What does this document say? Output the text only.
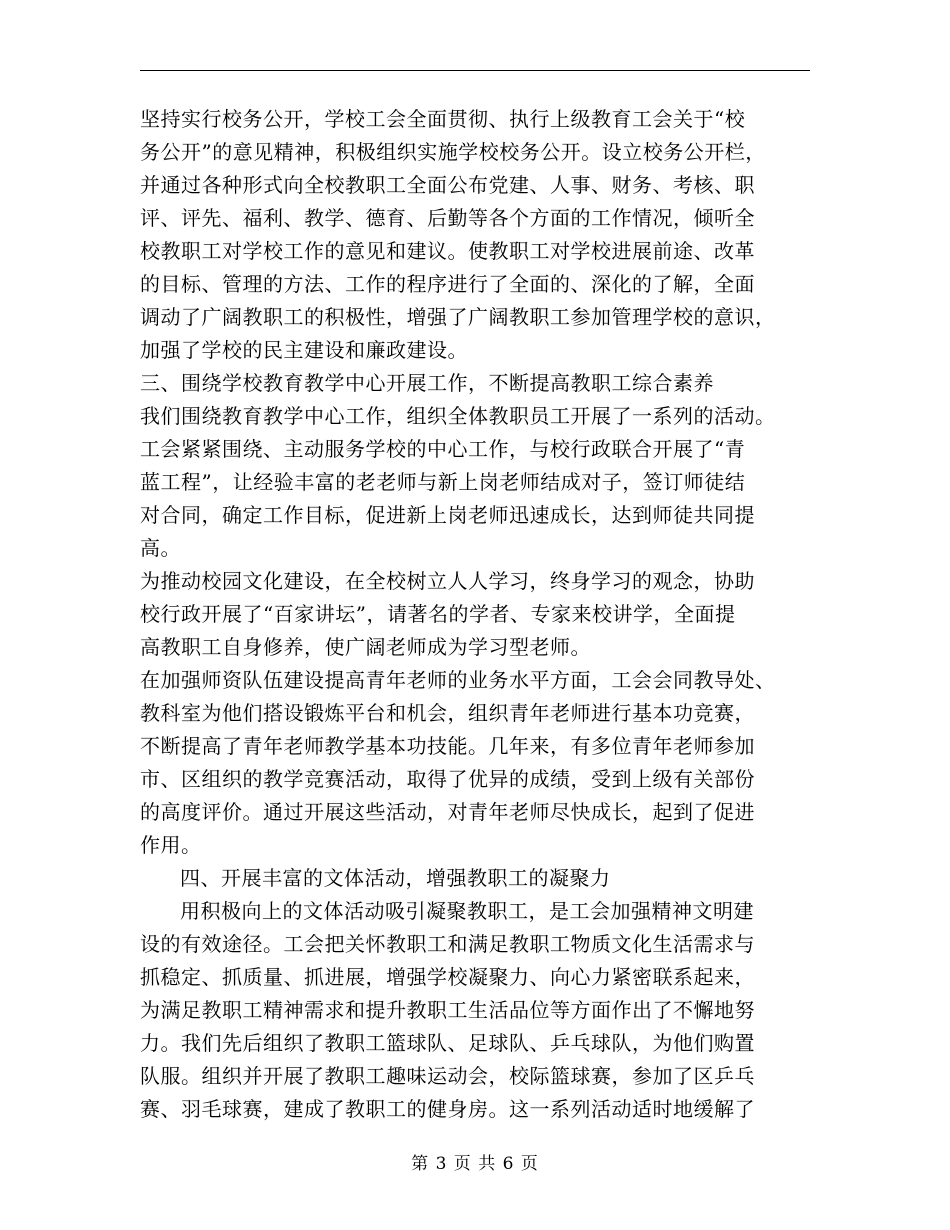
坚持实行校务公开，学校工会全面贯彻、执行上级教育工会关于“校
务公开”的意见精神，积极组织实施学校校务公开。设立校务公开栏，
并通过各种形式向全校教职工全面公布党建、人事、财务、考核、职
评、评先、福利、教学、德育、后勤等各个方面的工作情况，倾听全
校教职工对学校工作的意见和建议。使教职工对学校进展前途、改革
的目标、管理的方法、工作的程序进行了全面的、深化的了解，全面
调动了广阔教职工的积极性，增强了广阔教职工参加管理学校的意识，
加强了学校的民主建设和廉政建设。
三、围绕学校教育教学中心开展工作，不断提高教职工综合素养
我们围绕教育教学中心工作，组织全体教职员工开展了一系列的活动。
工会紧紧围绕、主动服务学校的中心工作，与校行政联合开展了“青
蓝工程”，让经验丰富的老老师与新上岗老师结成对子，签订师徒结
对合同，确定工作目标，促进新上岗老师迅速成长，达到师徒共同提
高。
为推动校园文化建设，在全校树立人人学习，终身学习的观念，协助
校行政开展了“百家讲坛”，请著名的学者、专家来校讲学，全面提
高教职工自身修养，使广阔老师成为学习型老师。
在加强师资队伍建设提高青年老师的业务水平方面，工会会同教导处、
教科室为他们搭设锻炼平台和机会，组织青年老师进行基本功竞赛，
不断提高了青年老师教学基本功技能。几年来，有多位青年老师参加
市、区组织的教学竞赛活动，取得了优异的成绩，受到上级有关部份
的高度评价。通过开展这些活动，对青年老师尽快成长，起到了促进
作用。
四、开展丰富的文体活动，增强教职工的凝聚力
用积极向上的文体活动吸引凝聚教职工，是工会加强精神文明建
设的有效途径。工会把关怀教职工和满足教职工物质文化生活需求与
抓稳定、抓质量、抓进展，增强学校凝聚力、向心力紧密联系起来，
为满足教职工精神需求和提升教职工生活品位等方面作出了不懈地努
力。我们先后组织了教职工篮球队、足球队、乒乓球队，为他们购置
队服。组织并开展了教职工趣味运动会，校际篮球赛，参加了区乒乓
赛、羽毛球赛，建成了教职工的健身房。这一系列活动适时地缓解了
第 3 页 共 6 页
